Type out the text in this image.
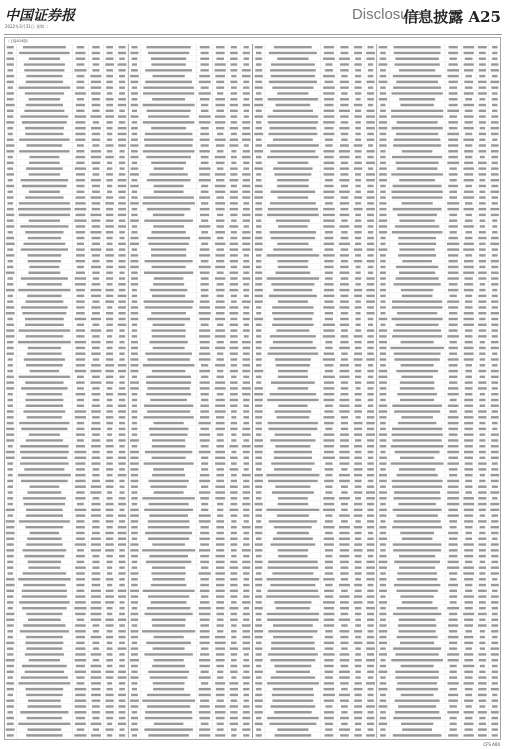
中国证券报
2022年3月31日 星期二
Disclosure
信息披露 A25
（上接A24版）
CFS A00
